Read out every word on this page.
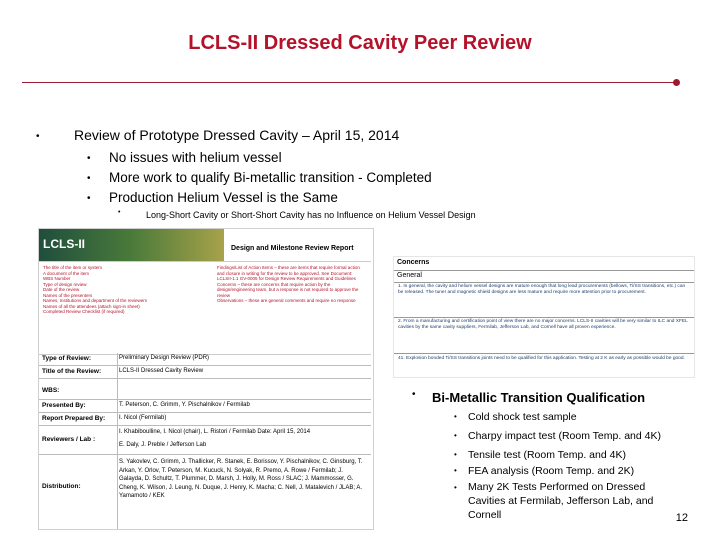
LCLS-II Dressed Cavity Peer Review
• Review of Prototype Dressed Cavity – April 15, 2014
• No issues with helium vessel
• More work to qualify Bi-metallic transition - Completed
• Production Helium Vessel is the Same
•	Long-Short Cavity or Short-Short Cavity has no Influence on Helium Vessel Design
LCLS-II	Design and Milestone Review Report
The title of the item or system
A document of the item
WBS Number
Type of design review
Date of the review
Names of the presenters
Names, Institutions and department of the reviewers
Names of all the attendees (attach sign-in sheet)
Completed Review Checklist (if required)
Findings/List of Action Items – these are items that require formal action and closure in writing for the review to be approved. See Document: LCLSII-1.1 GV-0005 for Design Review Requirements and Guidelines
Concerns – these are concerns that require action by the design/engineering team, but a response is not required to approve the review
Observations – these are general comments and require no response
Type of Review:	Preliminary Design Review (PDR)
Title of the Review:	LCLS-II Dressed Cavity Review
WBS:
Presented By:	T. Peterson, C. Grimm, Y. Pischalnikov / Fermilab
Report Prepared By: I. Nicol (Fermilab)
Reviewers / Lab :
I. Khabiboulline, I. Nicol (chair), L. Ristori / Fermilab Date: April 15, 2014
E. Daly, J. Preble / Jefferson Lab
Distribution:
S. Yakovlev, C. Grimm, J. Thallicker, R. Stanek, E. Borissov, Y. Pischalnikov, C. Ginsburg, T. Arkan, Y. Orlov, T. Peterson, M. Kucuck, N. Solyak, R. Premo, A. Rowe / Fermilab; J. Galayda, D. Schultz, T. Plummer, D. Marsh, J. Holly, M. Ross / SLAC; J. Mammosser, G. Cheng, K. Wilson, J. Leung, N. Duque, J. Henry, K. Macha; C. Nell, J. Matalevich / JLAB; A. Yamamoto / KEK
Concerns
General
1. In general, the cavity and helium vessel designs are mature enough that long lead procurements (bellows, Ti/SS transitions, etc.) can be released. The tuner and magnetic shield designs are less mature and require more attention prior to procurement.
2. From a manufacturing and certification point of view there are no major concerns. LCLS-II cavities will be very similar to ILC and XFEL cavities by the same cavity suppliers, Fermilab, Jefferson Lab, and Cornell have all proven experience.
41. Explosion bonded Ti/SS transitions joints need to be qualified for this application. Testing at 2 K as early as possible would be good.
• Bi-Metallic Transition Qualification
• Cold shock test sample
• Charpy impact test (Room Temp. and 4K)
• Tensile test (Room Temp. and 4K)
• FEA analysis (Room Temp. and 2K)
• Many 2K Tests Performed on Dressed Cavities at Fermilab, Jefferson Lab, and Cornell	12
